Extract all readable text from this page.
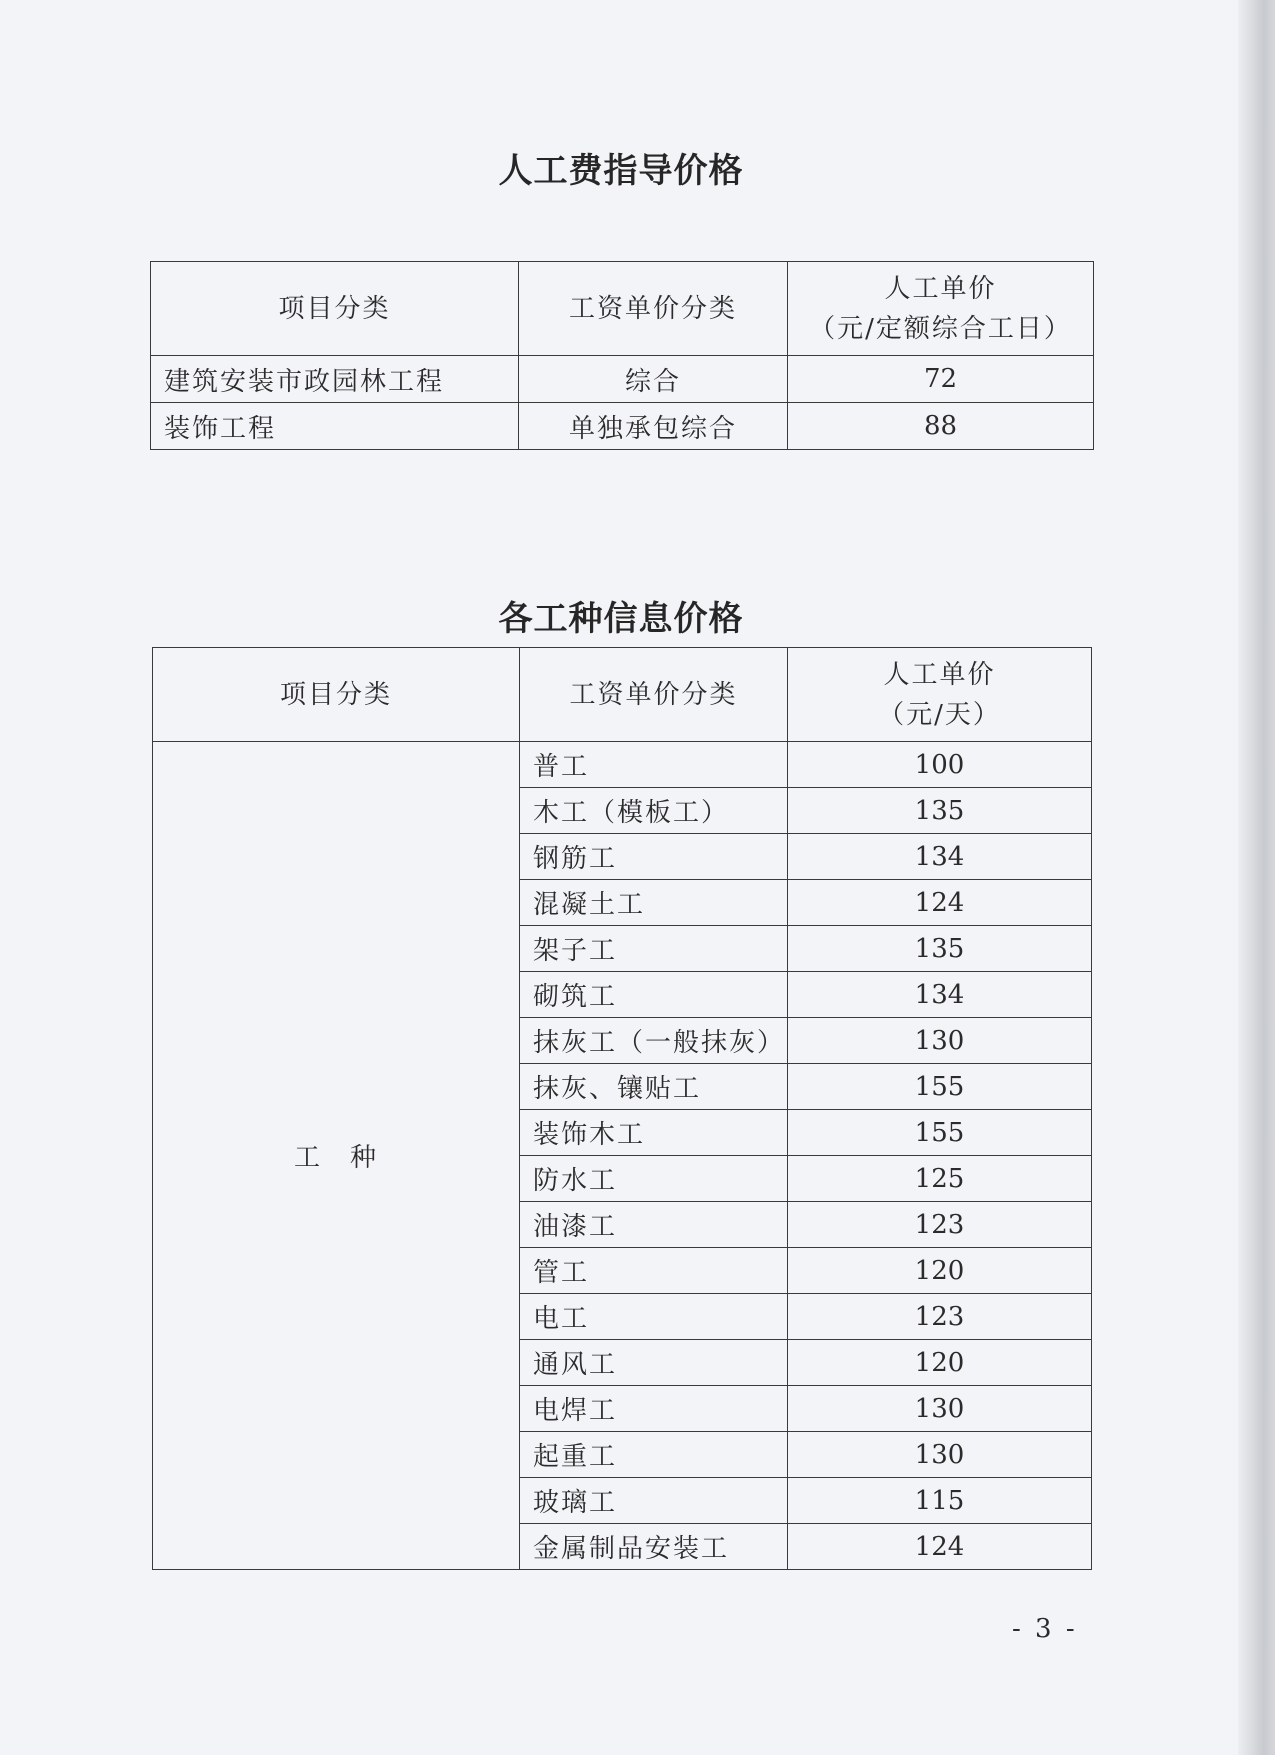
人工费指导价格
项目分类	工资单价分类	人工单价
（元/定额综合工日）

建筑安装市政园林工程	综合	72
装饰工程	单独承包综合	88
各工种信息价格
项目分类	工资单价分类	人工单价
（元/天）

工　种	普工	100
	木工（模板工）	135
	钢筋工	134
	混凝土工	124
	架子工	135
	砌筑工	134
	抹灰工（一般抹灰）	130
	抹灰、镶贴工	155
	装饰木工	155
	防水工	125
	油漆工	123
	管工	120
	电工	123
	通风工	120
	电焊工	130
	起重工	130
	玻璃工	115
	金属制品安装工	124
- 3 -
